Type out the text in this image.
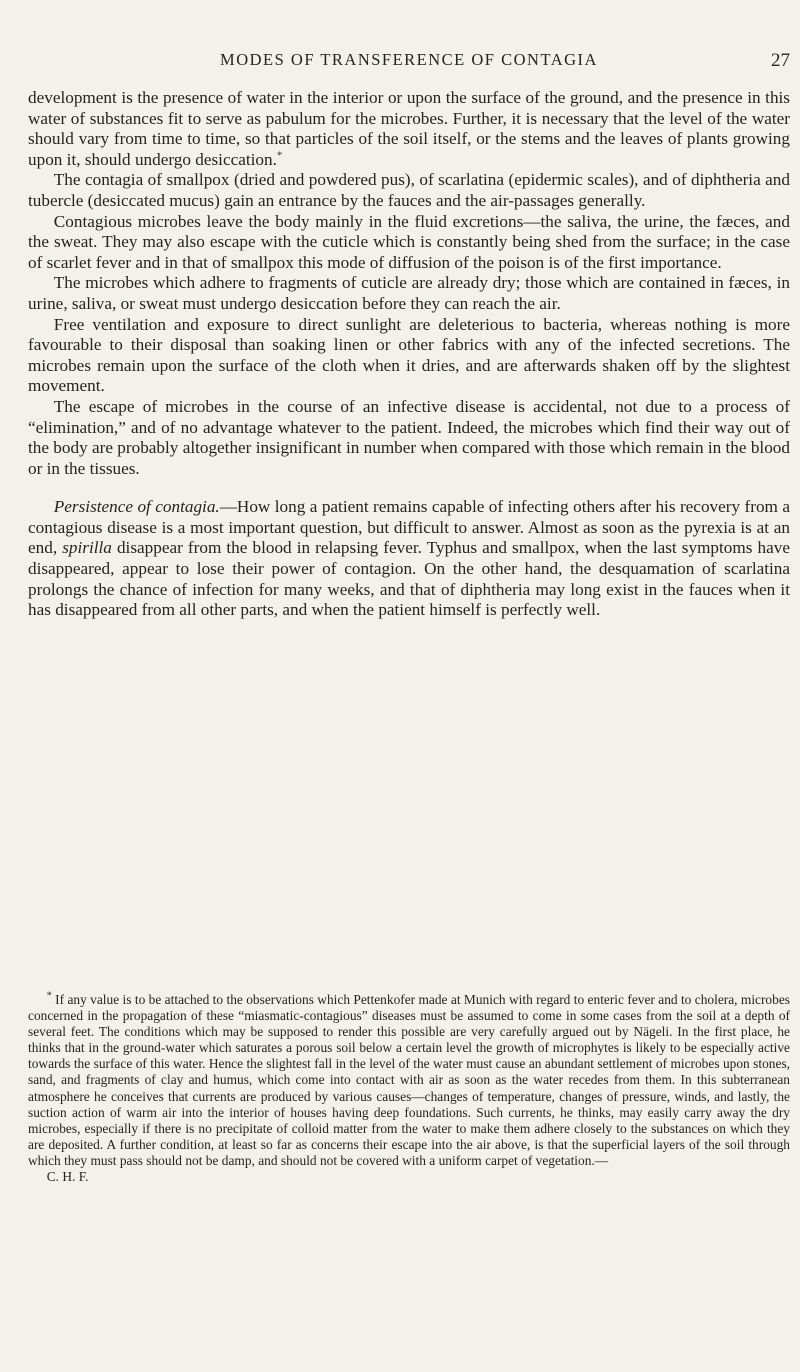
MODES OF TRANSFERENCE OF CONTAGIA	27

development is the presence of water in the interior or upon the surface of the ground, and the presence in this water of substances fit to serve as pabulum for the microbes. Further, it is necessary that the level of the water should vary from time to time, so that particles of the soil itself, or the stems and the leaves of plants growing upon it, should undergo desiccation.*

The contagia of smallpox (dried and powdered pus), of scarlatina (epidermic scales), and of diphtheria and tubercle (desiccated mucus) gain an entrance by the fauces and the air-passages generally.

Contagious microbes leave the body mainly in the fluid excretions—the saliva, the urine, the fæces, and the sweat. They may also escape with the cuticle which is constantly being shed from the surface; in the case of scarlet fever and in that of smallpox this mode of diffusion of the poison is of the first importance.

The microbes which adhere to fragments of cuticle are already dry; those which are contained in fæces, in urine, saliva, or sweat must undergo desiccation before they can reach the air.

Free ventilation and exposure to direct sunlight are deleterious to bacteria, whereas nothing is more favourable to their disposal than soaking linen or other fabrics with any of the infected secretions. The microbes remain upon the surface of the cloth when it dries, and are afterwards shaken off by the slightest movement.

The escape of microbes in the course of an infective disease is accidental, not due to a process of “elimination,” and of no advantage whatever to the patient. Indeed, the microbes which find their way out of the body are probably altogether insignificant in number when compared with those which remain in the blood or in the tissues.

Persistence of contagia.—How long a patient remains capable of infecting others after his recovery from a contagious disease is a most important question, but difficult to answer. Almost as soon as the pyrexia is at an end, spirilla disappear from the blood in relapsing fever. Typhus and smallpox, when the last symptoms have disappeared, appear to lose their power of contagion. On the other hand, the desquamation of scarlatina prolongs the chance of infection for many weeks, and that of diphtheria may long exist in the fauces when it has disappeared from all other parts, and when the patient himself is perfectly well.

* If any value is to be attached to the observations which Pettenkofer made at Munich with regard to enteric fever and to cholera, microbes concerned in the propagation of these “miasmatic-contagious” diseases must be assumed to come in some cases from the soil at a depth of several feet. The conditions which may be supposed to render this possible are very carefully argued out by Nägeli. In the first place, he thinks that in the ground-water which saturates a porous soil below a certain level the growth of microphytes is likely to be especially active towards the surface of this water. Hence the slightest fall in the level of the water must cause an abundant settlement of microbes upon stones, sand, and fragments of clay and humus, which come into contact with air as soon as the water recedes from them. In this subterranean atmosphere he conceives that currents are produced by various causes—changes of temperature, changes of pressure, winds, and lastly, the suction action of warm air into the interior of houses having deep foundations. Such currents, he thinks, may easily carry away the dry microbes, especially if there is no precipitate of colloid matter from the water to make them adhere closely to the substances on which they are deposited. A further condition, at least so far as concerns their escape into the air above, is that the superficial layers of the soil through which they must pass should not be damp, and should not be covered with a uniform carpet of vegetation.—
C. H. F.
